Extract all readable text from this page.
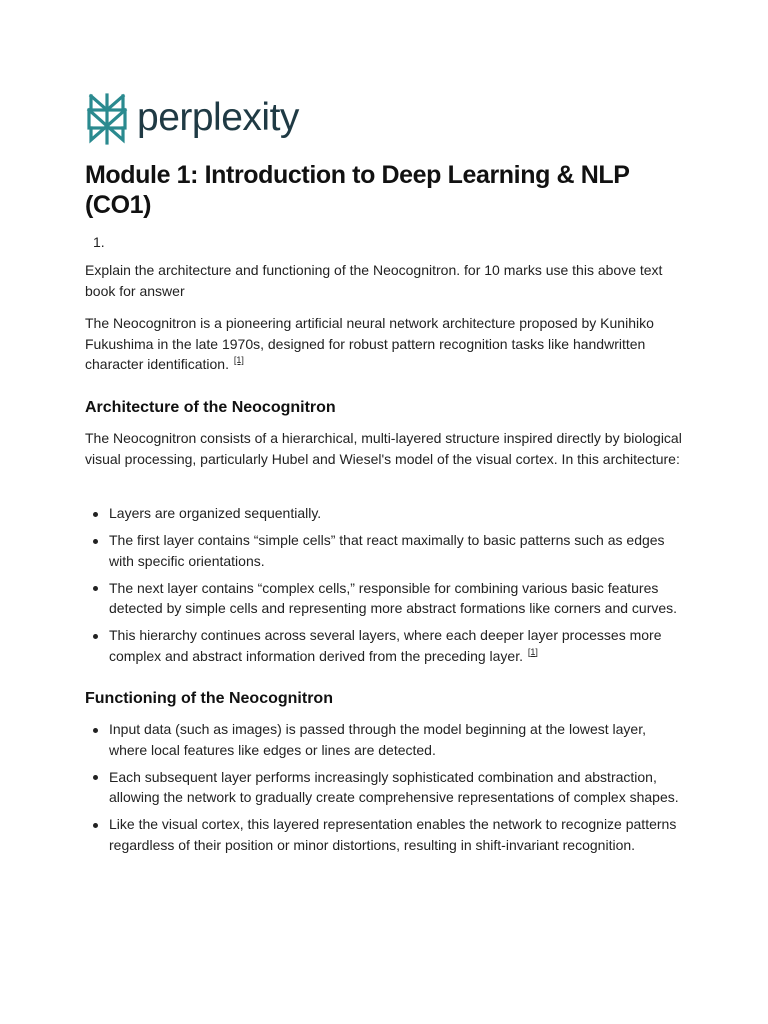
perplexity
Module 1: Introduction to Deep Learning & NLP (CO1)
1.

Explain the architecture and functioning of the Neocognitron. for 10 marks use this above text book for answer

The Neocognitron is a pioneering artificial neural network architecture proposed by Kunihiko Fukushima in the late 1970s, designed for robust pattern recognition tasks like handwritten character identification. [1]

Architecture of the Neocognitron

The Neocognitron consists of a hierarchical, multi-layered structure inspired directly by biological visual processing, particularly Hubel and Wiesel's model of the visual cortex. In this architecture:

Layers are organized sequentially.
The first layer contains “simple cells” that react maximally to basic patterns such as edges with specific orientations.
The next layer contains “complex cells,” responsible for combining various basic features detected by simple cells and representing more abstract formations like corners and curves.
This hierarchy continues across several layers, where each deeper layer processes more complex and abstract information derived from the preceding layer. [1]
Functioning of the Neocognitron
Input data (such as images) is passed through the model beginning at the lowest layer, where local features like edges or lines are detected.
Each subsequent layer performs increasingly sophisticated combination and abstraction, allowing the network to gradually create comprehensive representations of complex shapes.
Like the visual cortex, this layered representation enables the network to recognize patterns regardless of their position or minor distortions, resulting in shift-invariant recognition.
